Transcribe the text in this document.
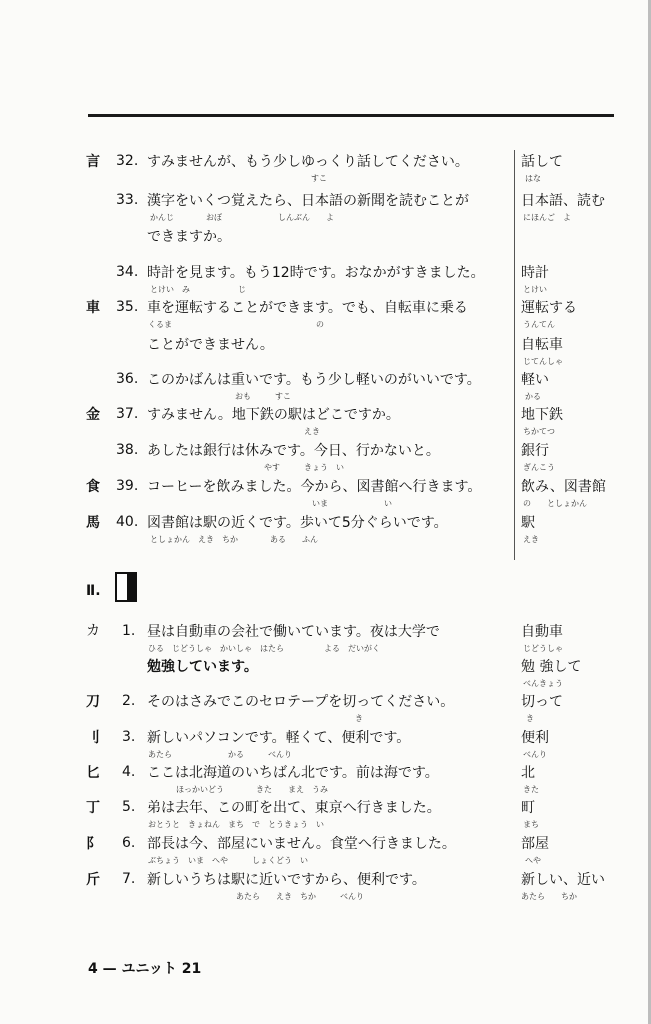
言 32. すみませんが、もう少しゆっくり話してください。
すこ
話して
はな
33. 漢字をいくつ覚えたら、日本語の新聞を読むことが
かんじ　　　　おぼ　　　　　　　しんぶん　　よ
日本語、読む
にほんご　よ
できますか。
34. 時計を見ます。もう12時です。おなかがすきました。
とけい　み　　　　　　じ
時計
とけい
車 35. 車を運転することができます。でも、自転車に乗る
くるま　　　　　　　　　　　　　　　　　　の
運転する
うんてん
ことができません。	自転車
じてんしゃ
36. このかばんは重いです。もう少し軽いのがいいです。
おも　　　すこ
軽い
かる
金 37. すみません。地下鉄の駅はどこですか。
えき
地下鉄
ちかてつ
38. あしたは銀行は休みです。今日、行かないと。
やす　　　きょう　い
銀行
ぎんこう
食 39. コーヒーを飲みました。今から、図書館へ行きます。
いま　　　　　　　い
飲み、図書館
の　　としょかん
馬 40. 図書館は駅の近くです。歩いて5分ぐらいです。
としょかん　えき　ちか　　　　ある　　ふん
駅
えき
Ⅱ.
カ 1. 昼は自動車の会社で働いています。夜は大学で
ひる　じどうしゃ　かいしゃ　はたら　　　　　よる　だいがく
自動車
じどうしゃ
勉強しています。	勉 強して
べんきょう
刀 2. そのはさみでこのセロテープを切ってください。
き
切って
き
刂 3. 新しいパソコンです。軽くて、便利です。
あたら　　　　　　　かる　　　べんり
便利
べんり
匕 4. ここは北海道のいちばん北です。前は海です。
ほっかいどう　　　　きた　　まえ　うみ
北
きた
丁 5. 弟は去年、この町を出て、東京へ行きました。
おとうと　きょねん　まち　で　とうきょう　い
町
まち
阝 6. 部長は今、部屋にいません。食堂へ行きました。
ぶちょう　いま　へや　　　しょくどう　い
部屋
へや
斤 7. 新しいうちは駅に近いですから、便利です。
あたら　　えき　ちか　　　べんり
新しい、近い
あたら　　ちか
4 — ユニット 21
